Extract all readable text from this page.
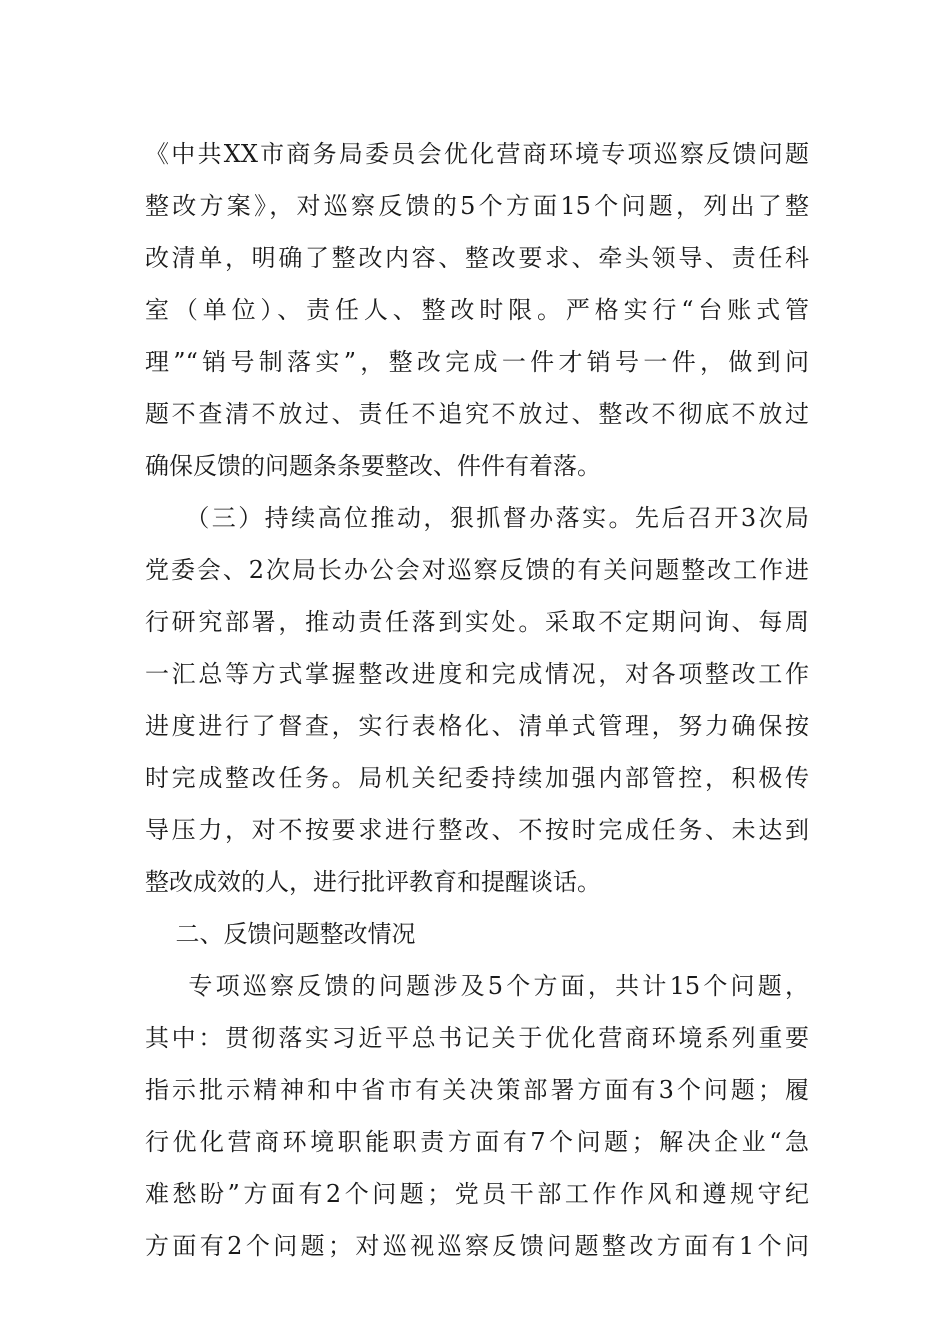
《中共XX市商务局委员会优化营商环境专项巡察反馈问题
整改方案》，对巡察反馈的5个方面15个问题，列出了整
改清单，明确了整改内容、整改要求、牵头领导、责任科
室（单位）、责任人、整改时限。严格实行“台账式管
理”“销号制落实”，整改完成一件才销号一件，做到问
题不查清不放过、责任不追究不放过、整改不彻底不放过
确保反馈的问题条条要整改、件件有着落。
（三）持续高位推动，狠抓督办落实。先后召开3次局
党委会、2次局长办公会对巡察反馈的有关问题整改工作进
行研究部署，推动责任落到实处。采取不定期问询、每周
一汇总等方式掌握整改进度和完成情况，对各项整改工作
进度进行了督查，实行表格化、清单式管理，努力确保按
时完成整改任务。局机关纪委持续加强内部管控，积极传
导压力，对不按要求进行整改、不按时完成任务、未达到
整改成效的人，进行批评教育和提醒谈话。
二、反馈问题整改情况
专项巡察反馈的问题涉及5个方面，共计15个问题，
其中：贯彻落实习近平总书记关于优化营商环境系列重要
指示批示精神和中省市有关决策部署方面有3个问题；履
行优化营商环境职能职责方面有7个问题；解决企业“急
难愁盼”方面有2个问题；党员干部工作作风和遵规守纪
方面有2个问题；对巡视巡察反馈问题整改方面有1个问
